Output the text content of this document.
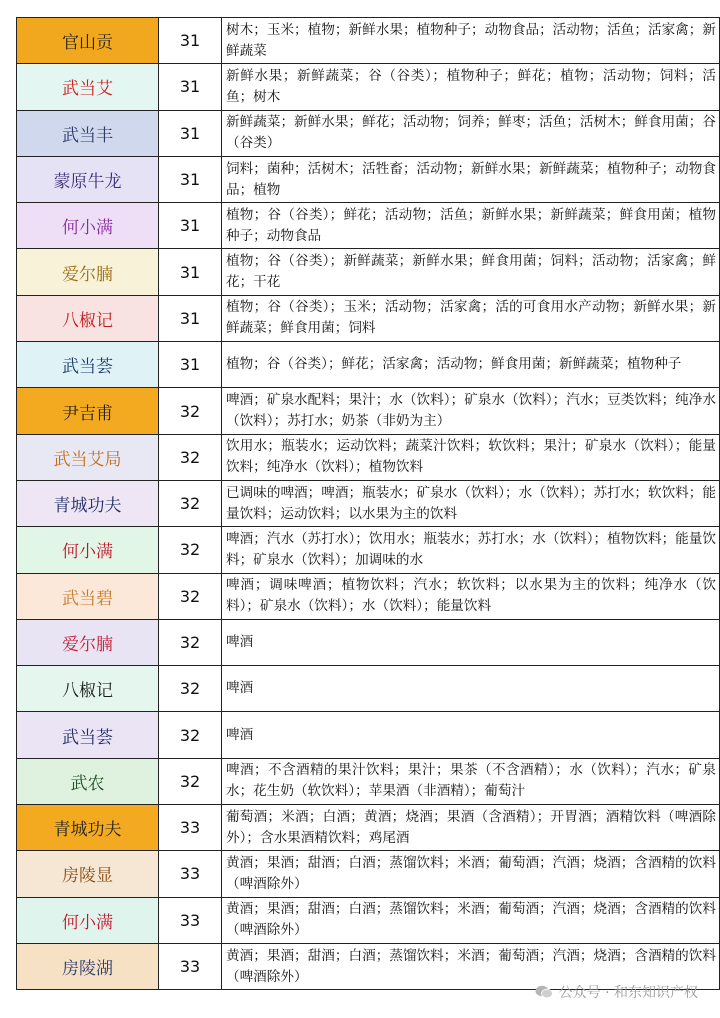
官山贡	31	树木；玉米；植物；新鲜水果；植物种子；动物食品；活动物；活鱼；活家禽；新鲜蔬菜
武当艾	31	新鲜水果；新鲜蔬菜；谷（谷类）；植物种子；鲜花；植物；活动物；饲料；活鱼；树木
武当丰	31	新鲜蔬菜；新鲜水果；鲜花；活动物；饲养；鲜枣；活鱼；活树木；鲜食用菌；谷（谷类）
蒙原牛龙	31	饲料；菌种；活树木；活牲畜；活动物；新鲜水果；新鲜蔬菜；植物种子；动物食品；植物
何小满	31	植物；谷（谷类）；鲜花；活动物；活鱼；新鲜水果；新鲜蔬菜；鲜食用菌；植物种子；动物食品
爱尔腩	31	植物；谷（谷类）；新鲜蔬菜；新鲜水果；鲜食用菌；饲料；活动物；活家禽；鲜花；干花
八椒记	31	植物；谷（谷类）；玉米；活动物；活家禽；活的可食用水产动物；新鲜水果；新鲜蔬菜；鲜食用菌；饲料
武当荟	31	植物；谷（谷类）；鲜花；活家禽；活动物；鲜食用菌；新鲜蔬菜；植物种子
尹吉甫	32	啤酒；矿泉水配料；果汁；水（饮料）；矿泉水（饮料）；汽水；豆类饮料；纯净水（饮料）；苏打水；奶茶（非奶为主）
武当艾局	32	饮用水；瓶装水；运动饮料；蔬菜汁饮料；软饮料；果汁；矿泉水（饮料）；能量饮料；纯净水（饮料）；植物饮料
青城功夫	32	已调味的啤酒；啤酒；瓶装水；矿泉水（饮料）；水（饮料）；苏打水；软饮料；能量饮料；运动饮料；以水果为主的饮料
何小满	32	啤酒；汽水（苏打水）；饮用水；瓶装水；苏打水；水（饮料）；植物饮料；能量饮料；矿泉水（饮料）；加调味的水
武当碧	32	啤酒；调味啤酒；植物饮料；汽水；软饮料；以水果为主的饮料；纯净水（饮料）；矿泉水（饮料）；水（饮料）；能量饮料
爱尔腩	32	啤酒
八椒记	32	啤酒
武当荟	32	啤酒
武农	32	啤酒；不含酒精的果汁饮料；果汁；果茶（不含酒精）；水（饮料）；汽水；矿泉水；花生奶（软饮料）；苹果酒（非酒精）；葡萄汁
青城功夫	33	葡萄酒；米酒；白酒；黄酒；烧酒；果酒（含酒精）；开胃酒；酒精饮料（啤酒除外）；含水果酒精饮料；鸡尾酒
房陵显	33	黄酒；果酒；甜酒；白酒；蒸馏饮料；米酒；葡萄酒；汽酒；烧酒；含酒精的饮料（啤酒除外）
何小满	33	黄酒；果酒；甜酒；白酒；蒸馏饮料；米酒；葡萄酒；汽酒；烧酒；含酒精的饮料（啤酒除外）
房陵湖	33	黄酒；果酒；甜酒；白酒；蒸馏饮料；米酒；葡萄酒；汽酒；烧酒；含酒精的饮料（啤酒除外）
公众号 · 和东知识产权
